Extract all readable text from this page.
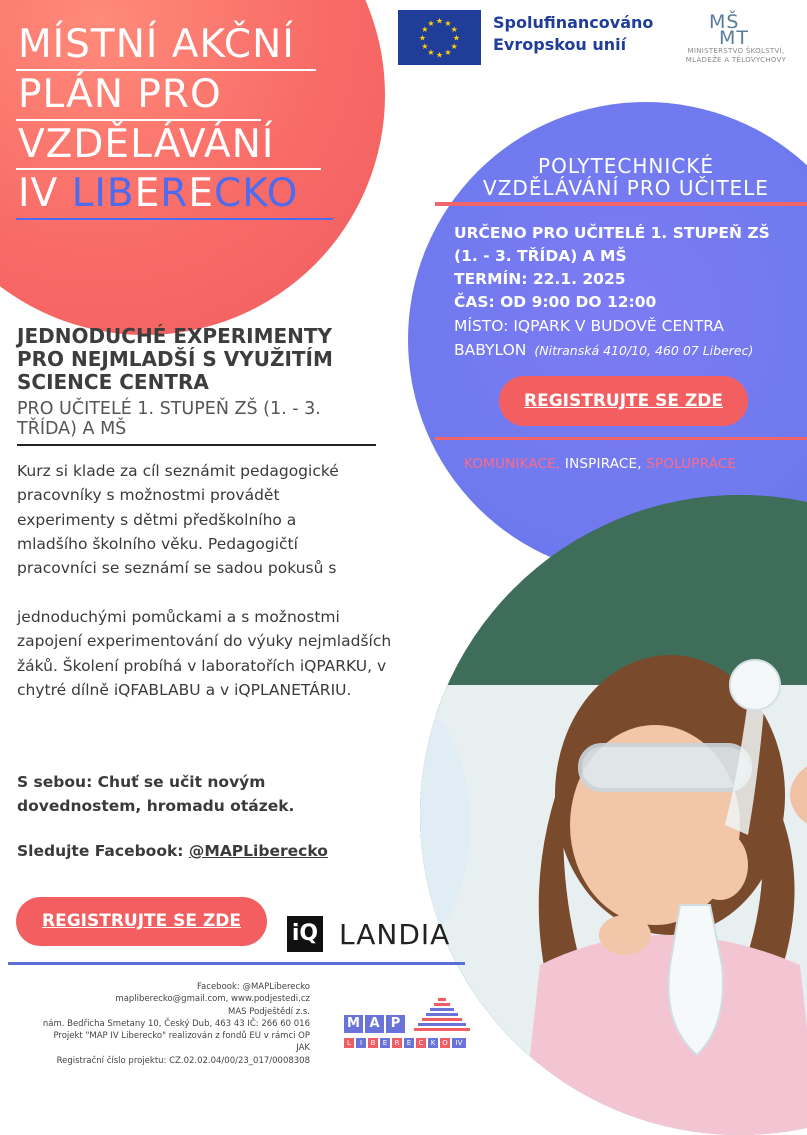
MÍSTNÍ AKČNÍ
PLÁN PRO
VZDĚLÁVÁNÍ
IV LIBERECKO
★ ★
★
★
★
★
★
★
★
★
★
★	Spolufinancováno
Evropskou unií
MŠ
MT
MINISTERSTVO ŠKOLSTVÍ,
MLÁDEŽE A TĚLOVÝCHOVY
POLYTECHNICKÉ
VZDĚLÁVÁNÍ PRO UČITELE
URČENO PRO UČITELÉ 1. STUPEŇ ZŠ
(1. - 3. TŘÍDA) A MŠ
TERMÍN: 22.1. 2025
ČAS: OD 9:00 DO 12:00
MÍSTO: IQPARK V BUDOVĚ CENTRA
BABYLON (Nitranská 410/10, 460 07 Liberec)
REGISTRUJTE SE ZDE
KOMUNIKACE, INSPIRACE, SPOLUPRÁCE
JEDNODUCHÉ EXPERIMENTY
PRO NEJMLADŠÍ S VYUŽITÍM
SCIENCE CENTRA
PRO UČITELÉ 1. STUPEŇ ZŠ (1. - 3.
TŘÍDA) A MŠ
Kurz si klade za cíl seznámit pedagogické
pracovníky s možnostmi provádět
experimenty s dětmi předškolního a
mladšího školního věku. Pedagogičtí
pracovníci se seznámí se sadou pokusů s
jednoduchými pomůckami a s možnostmi
zapojení experimentování do výuky nejmladších
žáků. Školení probíhá v laboratořích iQPARKU, v
chytré dílně iQFABLABU a v iQPLANETÁRIU.
S sebou: Chuť se učit novým
dovednostem, hromadu otázek.
Sledujte Facebook: @MAPLiberecko
REGISTRUJTE SE ZDE	iQ LANDIA
Facebook: @MAPLiberecko
mapliberecko@gmail.com, www.podjestedi.cz
MAS Podještědí z.s.
nám. Bedřicha Smetany 10, Český Dub, 463 43 IČ: 266 60 016
Projekt "MAP IV Liberecko" realizován z fondů EU v rámci OP JAK
Registrační číslo projektu: CZ.02.02.04/00/23_017/0008308
M A P
L	I	B	E	R	E	C	K O	IV
